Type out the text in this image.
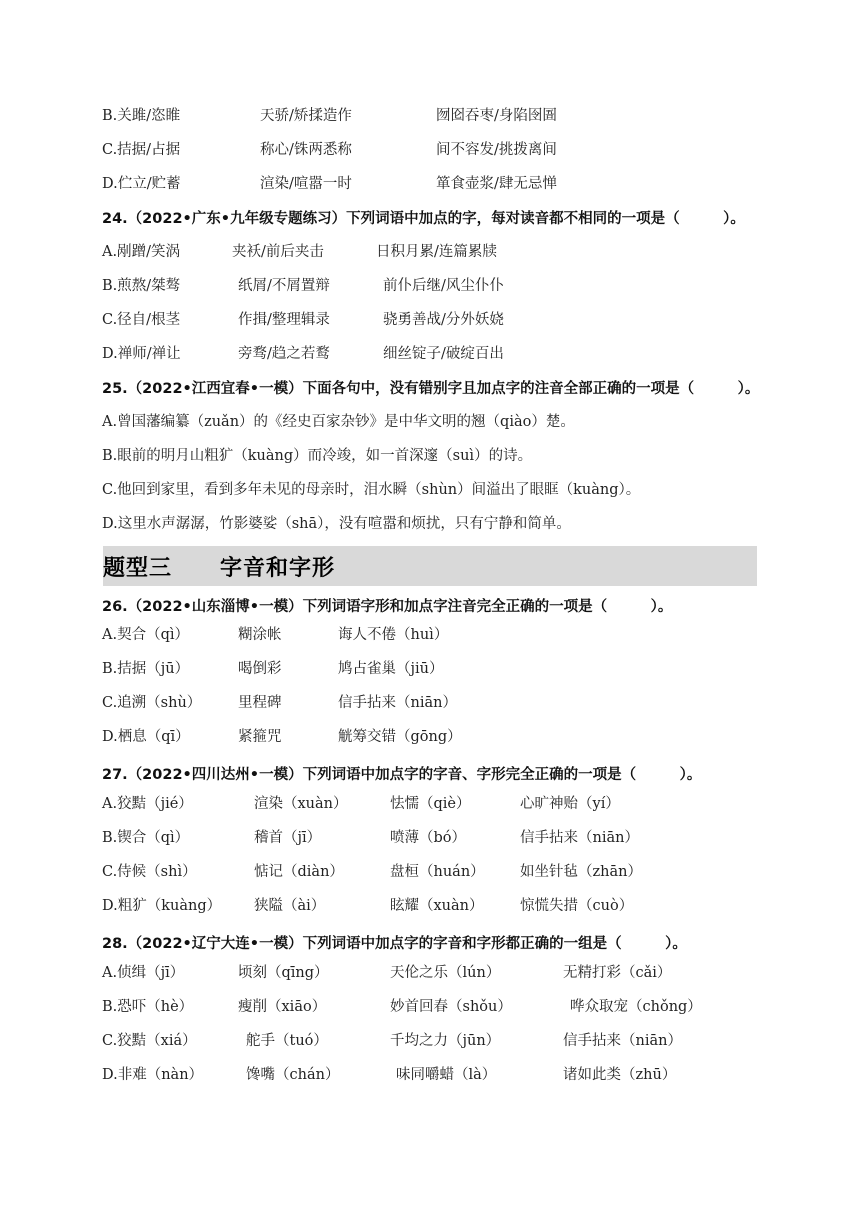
B.关雎/恣睢	天骄/矫揉造作	囫囵吞枣/身陷囹圄
C.拮据/占据	称心/铢两悉称	间不容发/挑拨离间
D.伫立/贮蓄	渲染/喧嚣一时	箪食壶浆/肆无忌惮
24.（2022•广东•九年级专题练习）下列词语中加点的字，每对读音都不相同的一项是（　　　）。
A.剐蹭/笑涡	夹袄/前后夹击	日积月累/连篇累牍
B.煎熬/桀骜	纸屑/不屑置辩	前仆后继/风尘仆仆
C.径自/根茎	作揖/整理辑录	骁勇善战/分外妖娆
D.禅师/禅让	旁骛/趋之若鹜	细丝锭子/破绽百出
25.（2022•江西宜春•一模）下面各句中，没有错别字且加点字的注音全部正确的一项是（　　　）。
A.曾国藩编纂（zuǎn）的《经史百家杂钞》是中华文明的翘（qiào）楚。
B.眼前的明月山粗犷（kuàng）而冷竣，如一首深邃（suì）的诗。
C.他回到家里，看到多年未见的母亲时，泪水瞬（shùn）间溢出了眼眶（kuàng）。
D.这里水声潺潺，竹影婆娑（shā），没有喧嚣和烦扰，只有宁静和简单。
题型三 字音和字形
26.（2022•山东淄博•一模）下列词语字形和加点字注音完全正确的一项是（　　　）。
A.契合（qì）	糊涂帐	诲人不倦（huì）
B.拮据（jū）	喝倒彩	鸠占雀巢（jiū）
C.追溯（shù）	里程碑	信手拈来（niān）
D.栖息（qī）	紧箍咒	觥筹交错（gōng）
27.（2022•四川达州•一模）下列词语中加点字的字音、字形完全正确的一项是（　　　）。
A.狡黠（jié）	渲染（xuàn）	怯懦（qiè）	心旷神贻（yí）
B.锲合（qì）	稽首（jī）	喷薄（bó）	信手拈来（niān）
C.侍候（shì）	惦记（diàn）	盘桓（huán） 如坐针毡（zhān）
D.粗犷（kuàng） 狭隘（ài）	眩耀（xuàn）	惊慌失措（cuò）
28.（2022•辽宁大连•一模）下列词语中加点字的字音和字形都正确的一组是（　　　）。
A.侦缉（jī）	顷刻（qīng）	天伦之乐（lún）	无精打彩（cǎi）
B.恐吓（hè）	瘦削（xiāo）	妙首回春（shǒu）	哗众取宠（chǒng）
C.狡黠（xiá）	舵手（tuó）	千均之力（jūn）	信手拈来（niān）
D.非难（nàn）	馋嘴（chán）	味同嚼蜡（là）	诸如此类（zhū）
